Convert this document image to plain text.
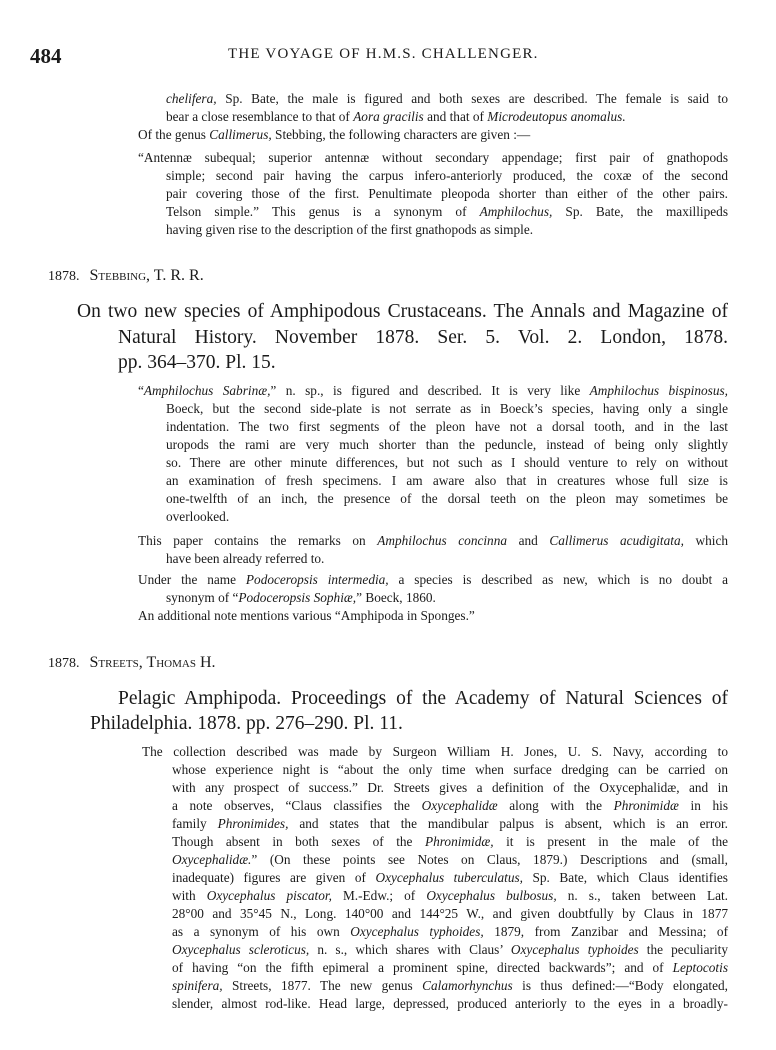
484	THE VOYAGE OF H.M.S. CHALLENGER.
chelifera, Sp. Bate, the male is figured and both sexes are described. The female is said to
bear a close resemblance to that of Aora gracilis and that of Microdeutopus anomalus.
Of the genus Callimerus, Stebbing, the following characters are given :—
“Antennæ subequal; superior antennæ without secondary appendage; first pair of gnathopods
simple; second pair having the carpus infero-anteriorly produced, the coxæ of the second
pair covering those of the first. Penultimate pleopoda shorter than either of the other pairs.
Telson simple.” This genus is a synonym of Amphilochus, Sp. Bate, the maxillipeds
having given rise to the description of the first gnathopods as simple.
1878. Stebbing, T. R. R.
On two new species of Amphipodous Crustaceans. The Annals and Magazine of
Natural History. November 1878. Ser. 5. Vol. 2. London, 1878.
pp. 364–370. Pl. 15.
“Amphilochus Sabrinæ,” n. sp., is figured and described. It is very like Amphilochus bispinosus,
Boeck, but the second side-plate is not serrate as in Boeck’s species, having only a single
indentation. The two first segments of the pleon have not a dorsal tooth, and in the last
uropods the rami are very much shorter than the peduncle, instead of being only slightly
so. There are other minute differences, but not such as I should venture to rely on without
an examination of fresh specimens. I am aware also that in creatures whose full size is
one-twelfth of an inch, the presence of the dorsal teeth on the pleon may sometimes be
overlooked.
This paper contains the remarks on Amphilochus concinna and Callimerus acudigitata, which
have been already referred to.
Under the name Podoceropsis intermedia, a species is described as new, which is no doubt a
synonym of “Podoceropsis Sophiæ,” Boeck, 1860.
An additional note mentions various “Amphipoda in Sponges.”
1878. Streets, Thomas H.
Pelagic Amphipoda. Proceedings of the Academy of Natural Sciences of
Philadelphia. 1878. pp. 276–290. Pl. 11.
The collection described was made by Surgeon William H. Jones, U. S. Navy, according to
whose experience night is “about the only time when surface dredging can be carried on
with any prospect of success.” Dr. Streets gives a definition of the Oxycephalidæ, and in
a note observes, “Claus classifies the Oxycephalidæ along with the Phronimidæ in his
family Phronimides, and states that the mandibular palpus is absent, which is an error.
Though absent in both sexes of the Phronimidæ, it is present in the male of the
Oxycephalidæ.” (On these points see Notes on Claus, 1879.) Descriptions and (small,
inadequate) figures are given of Oxycephalus tuberculatus, Sp. Bate, which Claus identifies
with Oxycephalus piscator, M.-Edw.; of Oxycephalus bulbosus, n. s., taken between Lat.
28°00 and 35°45 N., Long. 140°00 and 144°25 W., and given doubtfully by Claus in 1877
as a synonym of his own Oxycephalus typhoides, 1879, from Zanzibar and Messina; of
Oxycephalus scleroticus, n. s., which shares with Claus’ Oxycephalus typhoides the peculiarity
of having “on the fifth epimeral a prominent spine, directed backwards”; and of Leptocotis
spinifera, Streets, 1877. The new genus Calamorhynchus is thus defined:—“Body elongated,
slender, almost rod-like. Head large, depressed, produced anteriorly to the eyes in a broadly-
